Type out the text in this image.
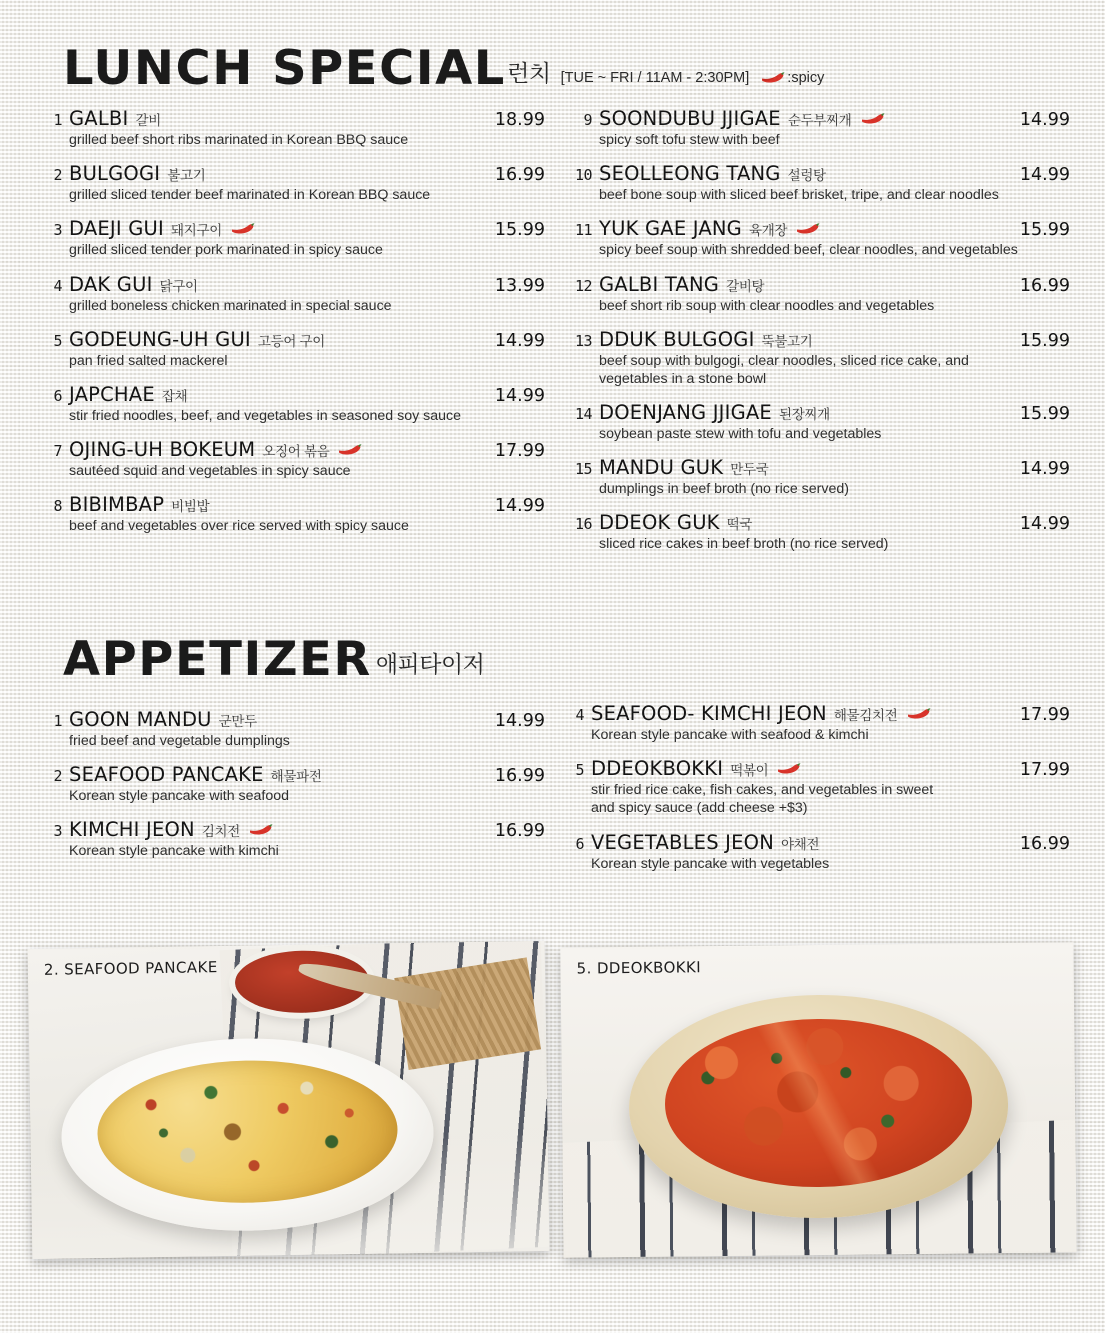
LUNCH SPECIAL 런치 [TUE ~ FRI / 11AM - 2:30PM]	:spicy
1 GALBI 갈비	18.99
grilled beef short ribs marinated in Korean BBQ sauce
2 BULGOGI 불고기	16.99
grilled sliced tender beef marinated in Korean BBQ sauce
3 DAEJI GUI 돼지구이	15.99
grilled sliced tender pork marinated in spicy sauce
4 DAK GUI 닭구이	13.99
grilled boneless chicken marinated in special sauce
5 GODEUNG-UH GUI 고등어 구이	14.99
pan fried salted mackerel
6 JAPCHAE 잡채	14.99
stir fried noodles, beef, and vegetables in seasoned soy sauce
7 OJING-UH BOKEUM 오징어 볶음	17.99
sautéed squid and vegetables in spicy sauce
8 BIBIMBAP 비빔밥	14.99
beef and vegetables over rice served with spicy sauce
9 SOONDUBU JJIGAE 순두부찌개	14.99
spicy soft tofu stew with beef
10 SEOLLEONG TANG 설렁탕	14.99
beef bone soup with sliced beef brisket, tripe, and clear noodles
11 YUK GAE JANG 육개장	15.99
spicy beef soup with shredded beef, clear noodles, and vegetables
12 GALBI TANG 갈비탕	16.99
beef short rib soup with clear noodles and vegetables
13 DDUK BULGOGI 뚝불고기	15.99
beef soup with bulgogi, clear noodles, sliced rice cake, and vegetables in a stone bowl
14 DOENJANG JJIGAE 된장찌개	15.99
soybean paste stew with tofu and vegetables
15 MANDU GUK 만두국	14.99
dumplings in beef broth (no rice served)
16 DDEOK GUK 떡국	14.99
sliced rice cakes in beef broth (no rice served)
APPETIZER 애피타이저
1 GOON MANDU 군만두	14.99
fried beef and vegetable dumplings
2 SEAFOOD PANCAKE 해물파전	16.99
Korean style pancake with seafood
3 KIMCHI JEON 김치전	16.99
Korean style pancake with kimchi
4 SEAFOOD- KIMCHI JEON 해물김치전	17.99
Korean style pancake with seafood & kimchi
5 DDEOKBOKKI 떡볶이	17.99
stir fried rice cake, fish cakes, and vegetables in sweet and spicy sauce (add cheese +$3)
6 VEGETABLES JEON 야채전	16.99
Korean style pancake with vegetables
2. SEAFOOD PANCAKE	5. DDEOKBOKKI
